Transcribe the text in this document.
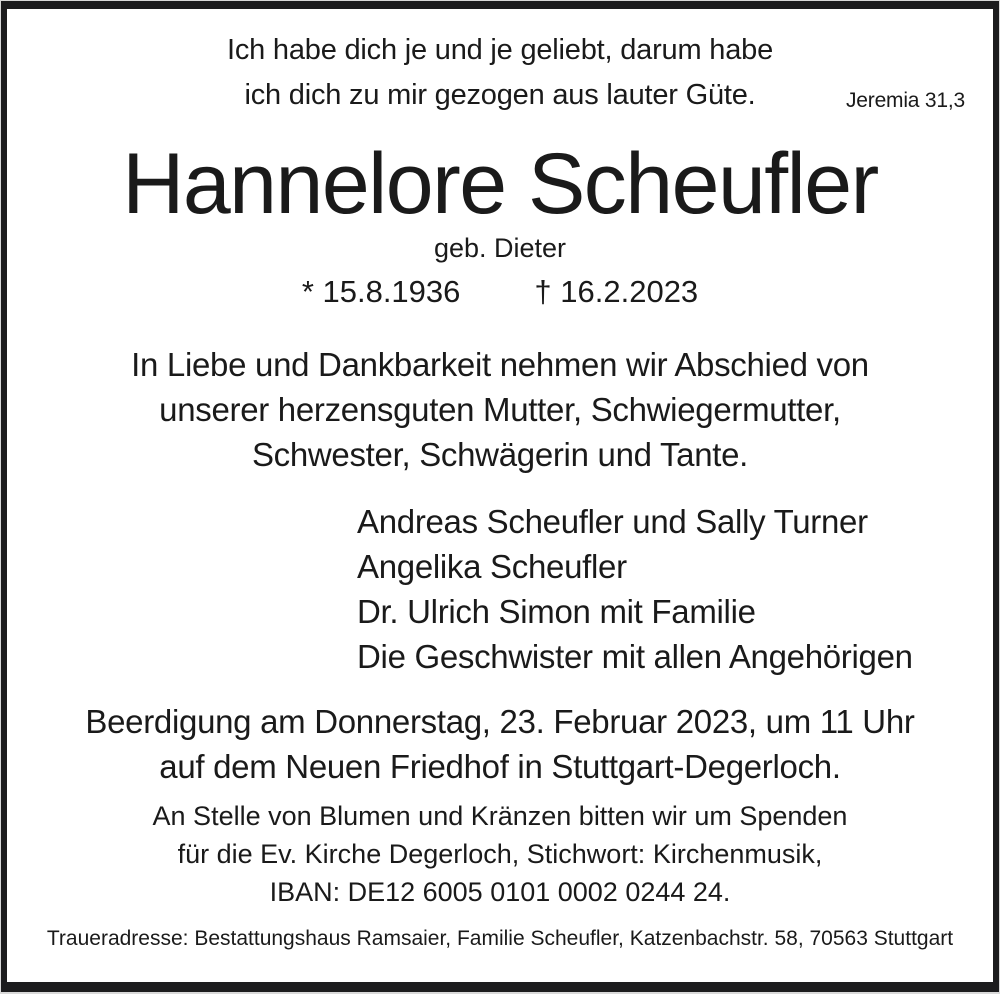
Ich habe dich je und je geliebt, darum habe
ich dich zu mir gezogen aus lauter Güte.	Jeremia 31,3
Hannelore Scheufler
geb. Dieter
* 15.8.1936 † 16.2.2023
In Liebe und Dankbarkeit nehmen wir Abschied von
unserer herzensguten Mutter, Schwiegermutter,
Schwester, Schwägerin und Tante.
Andreas Scheufler und Sally Turner
Angelika Scheufler
Dr. Ulrich Simon mit Familie
Die Geschwister mit allen Angehörigen
Beerdigung am Donnerstag, 23. Februar 2023, um 11 Uhr
auf dem Neuen Friedhof in Stuttgart-Degerloch.
An Stelle von Blumen und Kränzen bitten wir um Spenden
für die Ev. Kirche Degerloch, Stichwort: Kirchenmusik,
IBAN: DE12 6005 0101 0002 0244 24.
Traueradresse: Bestattungshaus Ramsaier, Familie Scheufler, Katzenbachstr. 58, 70563 Stuttgart
